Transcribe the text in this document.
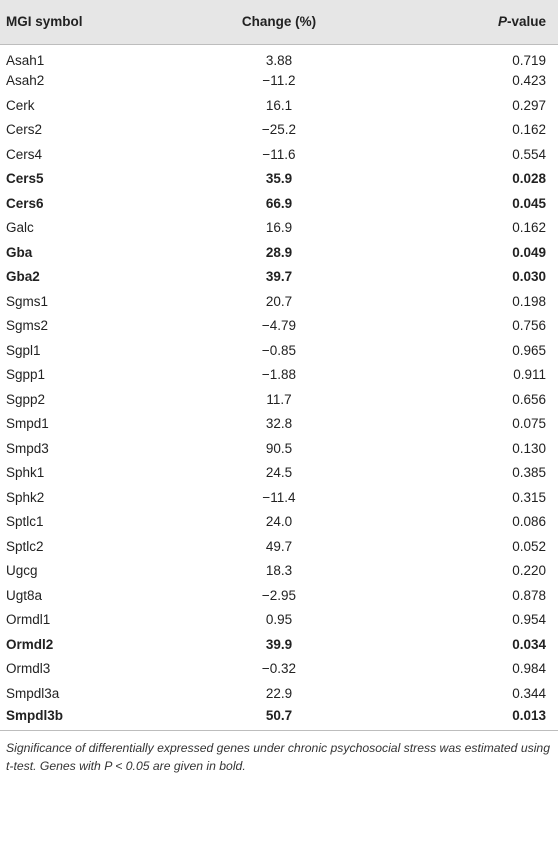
MGI symbol	Change (%)	P-value
Asah1	3.88	0.719
Asah2	−11.2	0.423
Cerk	16.1	0.297
Cers2	−25.2	0.162
Cers4	−11.6	0.554
Cers5	35.9	0.028
Cers6	66.9	0.045
Galc	16.9	0.162
Gba	28.9	0.049
Gba2	39.7	0.030
Sgms1	20.7	0.198
Sgms2	−4.79	0.756
Sgpl1	−0.85	0.965
Sgpp1	−1.88	0.911
Sgpp2	11.7	0.656
Smpd1	32.8	0.075
Smpd3	90.5	0.130
Sphk1	24.5	0.385
Sphk2	−11.4	0.315
Sptlc1	24.0	0.086
Sptlc2	49.7	0.052
Ugcg	18.3	0.220
Ugt8a	−2.95	0.878
Ormdl1	0.95	0.954
Ormdl2	39.9	0.034
Ormdl3	−0.32	0.984
Smpdl3a	22.9	0.344
Smpdl3b	50.7	0.013
Significance of differentially expressed genes under chronic psychosocial stress was estimated using t-test. Genes with P < 0.05 are given in bold.
